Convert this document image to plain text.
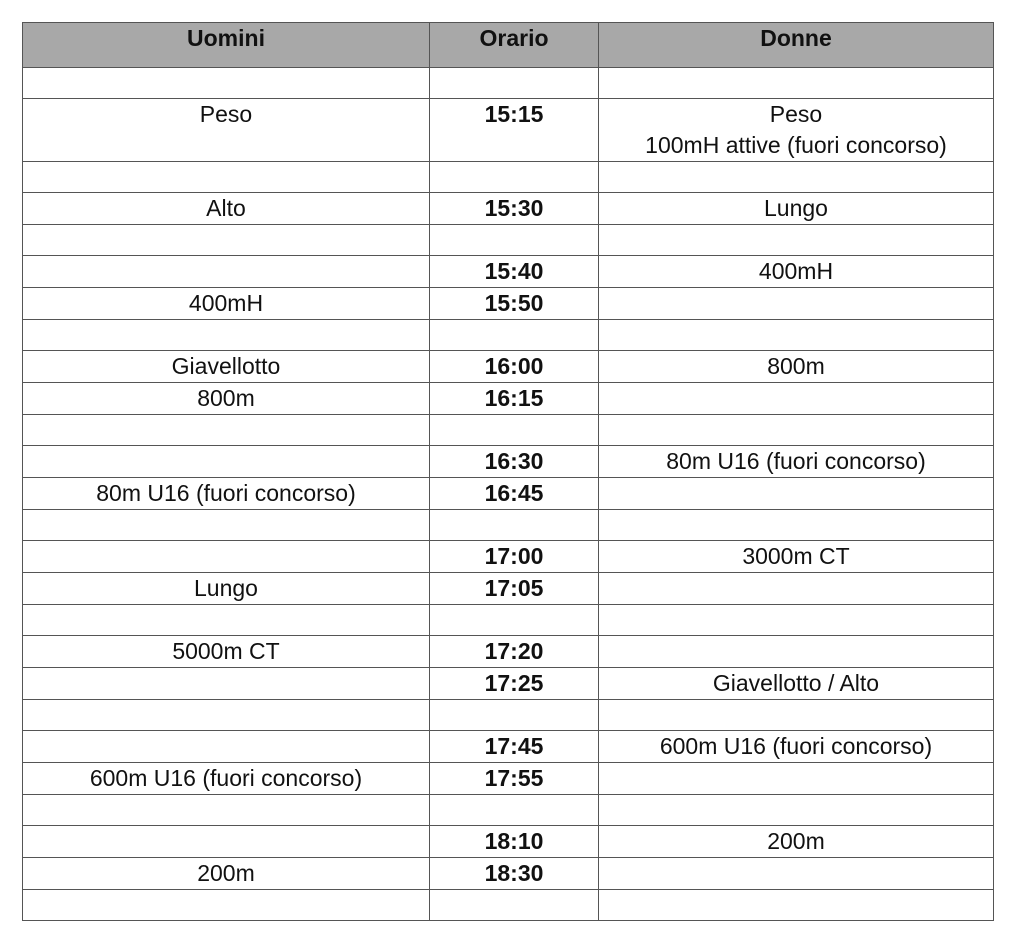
Uomini	Orario	Donne

Peso	15:15	Peso
100mH attive (fuori concorso)

Alto	15:30	Lungo

	15:40	400mH
400mH	15:50	

Giavellotto	16:00	800m
800m	16:15	

	16:30	80m U16 (fuori concorso)
80m U16 (fuori concorso)	16:45	

	17:00	3000m CT
Lungo	17:05	

5000m CT	17:20	
	17:25	Giavellotto / Alto

	17:45	600m U16 (fuori concorso)
600m U16 (fuori concorso)	17:55	

	18:10	200m
200m	18:30	
